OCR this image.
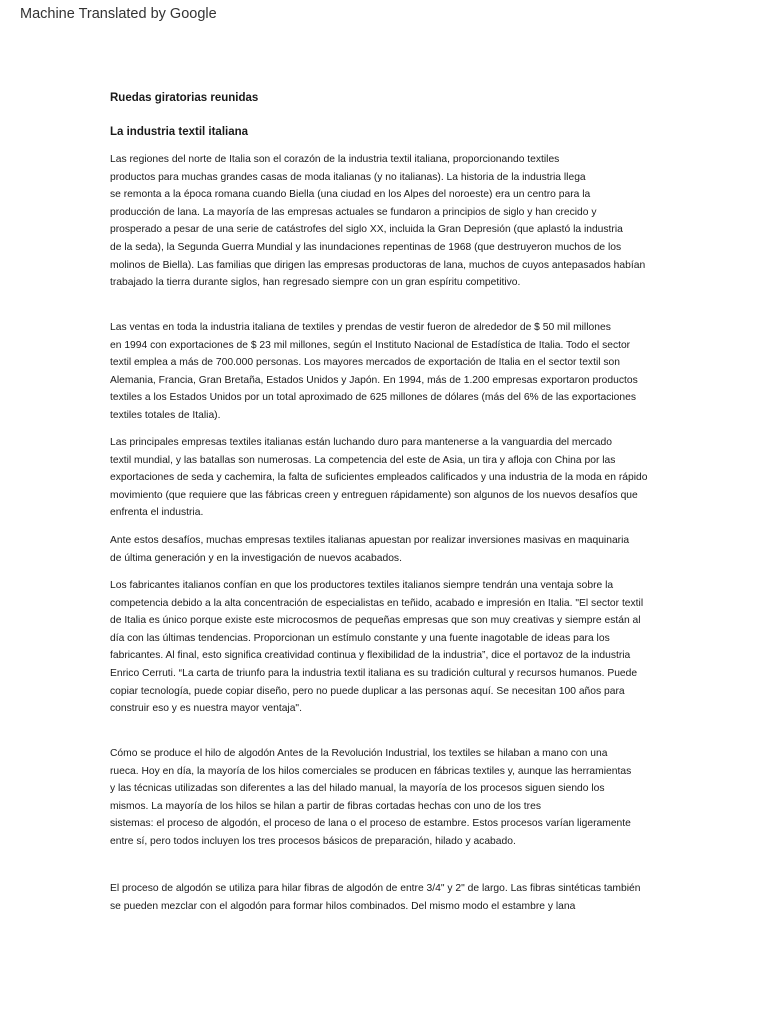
Machine Translated by Google
Ruedas giratorias reunidas
La industria textil italiana
Las regiones del norte de Italia son el corazón de la industria textil italiana, proporcionando textiles
productos para muchas grandes casas de moda italianas (y no italianas). La historia de la industria llega
se remonta a la época romana cuando Biella (una ciudad en los Alpes del noroeste) era un centro para la
producción de lana. La mayoría de las empresas actuales se fundaron a principios de siglo y han crecido y
prosperado a pesar de una serie de catástrofes del siglo XX, incluida la Gran Depresión (que aplastó la industria
de la seda), la Segunda Guerra Mundial y las inundaciones repentinas de 1968 (que destruyeron muchos de los
molinos de Biella). Las familias que dirigen las empresas productoras de lana, muchos de cuyos antepasados habían
trabajado la tierra durante siglos, han regresado siempre con un gran espíritu competitivo.
Las ventas en toda la industria italiana de textiles y prendas de vestir fueron de alrededor de $ 50 mil millones
en 1994 con exportaciones de $ 23 mil millones, según el Instituto Nacional de Estadística de Italia. Todo el sector
textil emplea a más de 700.000 personas. Los mayores mercados de exportación de Italia en el sector textil son
Alemania, Francia, Gran Bretaña, Estados Unidos y Japón. En 1994, más de 1.200 empresas exportaron productos
textiles a los Estados Unidos por un total aproximado de 625 millones de dólares (más del 6% de las exportaciones
textiles totales de Italia).
Las principales empresas textiles italianas están luchando duro para mantenerse a la vanguardia del mercado
textil mundial, y las batallas son numerosas. La competencia del este de Asia, un tira y afloja con China por las
exportaciones de seda y cachemira, la falta de suficientes empleados calificados y una industria de la moda en rápido
movimiento (que requiere que las fábricas creen y entreguen rápidamente) son algunos de los nuevos desafíos que
enfrenta el industria.
Ante estos desafíos, muchas empresas textiles italianas apuestan por realizar inversiones masivas en maquinaria
de última generación y en la investigación de nuevos acabados.
Los fabricantes italianos confían en que los productores textiles italianos siempre tendrán una ventaja sobre la
competencia debido a la alta concentración de especialistas en teñido, acabado e impresión en Italia. "El sector textil
de Italia es único porque existe este microcosmos de pequeñas empresas que son muy creativas y siempre están al
día con las últimas tendencias. Proporcionan un estímulo constante y una fuente inagotable de ideas para los
fabricantes. Al final, esto significa creatividad continua y flexibilidad de la industria”, dice el portavoz de la industria
Enrico Cerruti. “La carta de triunfo para la industria textil italiana es su tradición cultural y recursos humanos. Puede
copiar tecnología, puede copiar diseño, pero no puede duplicar a las personas aquí. Se necesitan 100 años para
construir eso y es nuestra mayor ventaja".
Cómo se produce el hilo de algodón Antes de la Revolución Industrial, los textiles se hilaban a mano con una
rueca. Hoy en día, la mayoría de los hilos comerciales se producen en fábricas textiles y, aunque las herramientas
y las técnicas utilizadas son diferentes a las del hilado manual, la mayoría de los procesos siguen siendo los
mismos. La mayoría de los hilos se hilan a partir de fibras cortadas hechas con uno de los tres
sistemas: el proceso de algodón, el proceso de lana o el proceso de estambre. Estos procesos varían ligeramente
entre sí, pero todos incluyen los tres procesos básicos de preparación, hilado y acabado.
El proceso de algodón se utiliza para hilar fibras de algodón de entre 3/4" y 2" de largo. Las fibras sintéticas también
se pueden mezclar con el algodón para formar hilos combinados. Del mismo modo el estambre y lana
